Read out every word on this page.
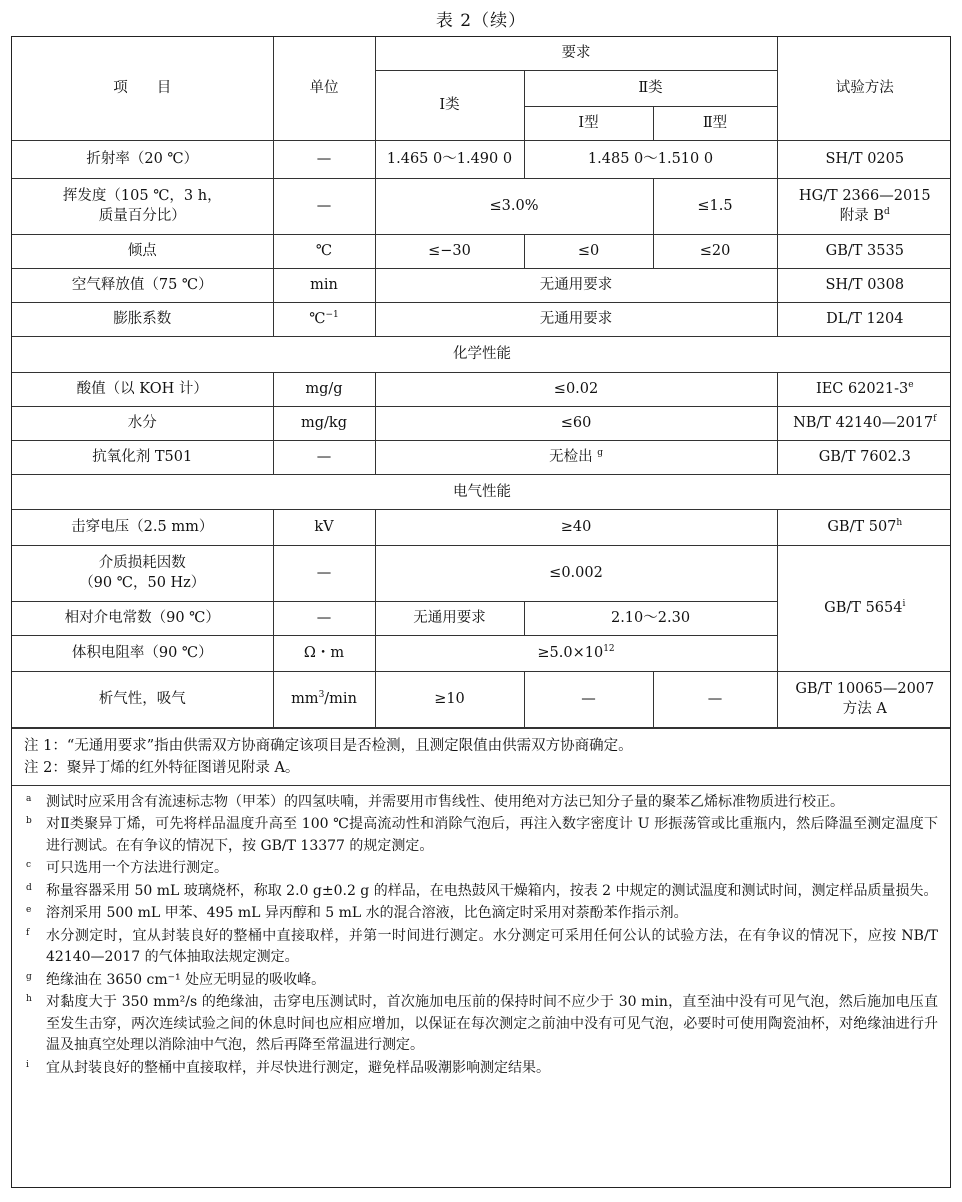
表 2（续）
项　　目	单位	要求			试验方法
		Ⅰ类	Ⅱ类		
			Ⅰ型	Ⅱ型	
折射率（20 ℃）	—	1.465 0～1.490 0	1.485 0～1.510 0		SH/T 0205
挥发度（105 ℃，3 h，
质量百分比）	—	≤3.0%		≤1.5	HG/T 2366—2015
附录 $B^d$
倾点	℃	≤−30	≤0	≤20	GB/T 3535
空气释放值（75 ℃）	min	无通用要求			SH/T 0308
膨胀系数	℃$^{-1}$	无通用要求			DL/T 1204
化学性能					
酸值（以 KOH 计）	mg/g	≤0.02			IEC 62021-3e
水分	mg/kg	≤60			NB/T 42140—2017$^f$
抗氧化剂 T501	—	无检出 $^g$			GB/T 7602.3
电气性能					
击穿电压（2.5 mm）	kV	≥40			GB/T 507$^h$
介质损耗因数
（90 ℃，50 Hz）	—	≤0.002			GB/T 5654$^i$
相对介电常数（90 ℃）	—	无通用要求	2.10～2.30		
体积电阻率（90 ℃）	Ω・m	$\ge 5.0\times 10^{12}$
析气性，吸气	$mm^3/\min$	≥10	—	—	GB/T 10065—2007
方法 A
注 1：“无通用要求”指由供需双方协商确定该项目是否检测，且测定限值由供需双方协商确定。
注 2：聚异丁烯的红外特征图谱见附录 A。
a	测试时应采用含有流速标志物（甲苯）的四氢呋喃，并需要用市售线性、使用绝对方法已知分子量的聚苯乙烯标准物质进行校正。
b	对Ⅱ类聚异丁烯，可先将样品温度升高至 100 ℃提高流动性和消除气泡后，再注入数字密度计 U 形振荡管或比重瓶内，然后降温至测定温度下进行测试。在有争议的情况下，按 GB/T 13377 的规定测定。
c	可只选用一个方法进行测定。
d	称量容器采用 50 mL 玻璃烧杯，称取 2.0 g±0.2 g 的样品，在电热鼓风干燥箱内，按表 2 中规定的测试温度和测试时间，测定样品质量损失。
e	溶剂采用 500 mL 甲苯、495 mL 异丙醇和 5 mL 水的混合溶液，比色滴定时采用对萘酚苯作指示剂。
f	水分测定时，宜从封装良好的整桶中直接取样，并第一时间进行测定。水分测定可采用任何公认的试验方法，在有争议的情况下，应按 NB/T 42140—2017 的气体抽取法规定测定。
g	绝缘油在 3650 cm⁻¹ 处应无明显的吸收峰。
h	对黏度大于 350 mm²/s 的绝缘油，击穿电压测试时，首次施加电压前的保持时间不应少于 30 min，直至油中没有可见气泡，然后施加电压直至发生击穿，两次连续试验之间的休息时间也应相应增加，以保证在每次测定之前油中没有可见气泡，必要时可使用陶瓷油杯，对绝缘油进行升温及抽真空处理以消除油中气泡，然后再降至常温进行测定。
i	宜从封装良好的整桶中直接取样，并尽快进行测定，避免样品吸潮影响测定结果。
